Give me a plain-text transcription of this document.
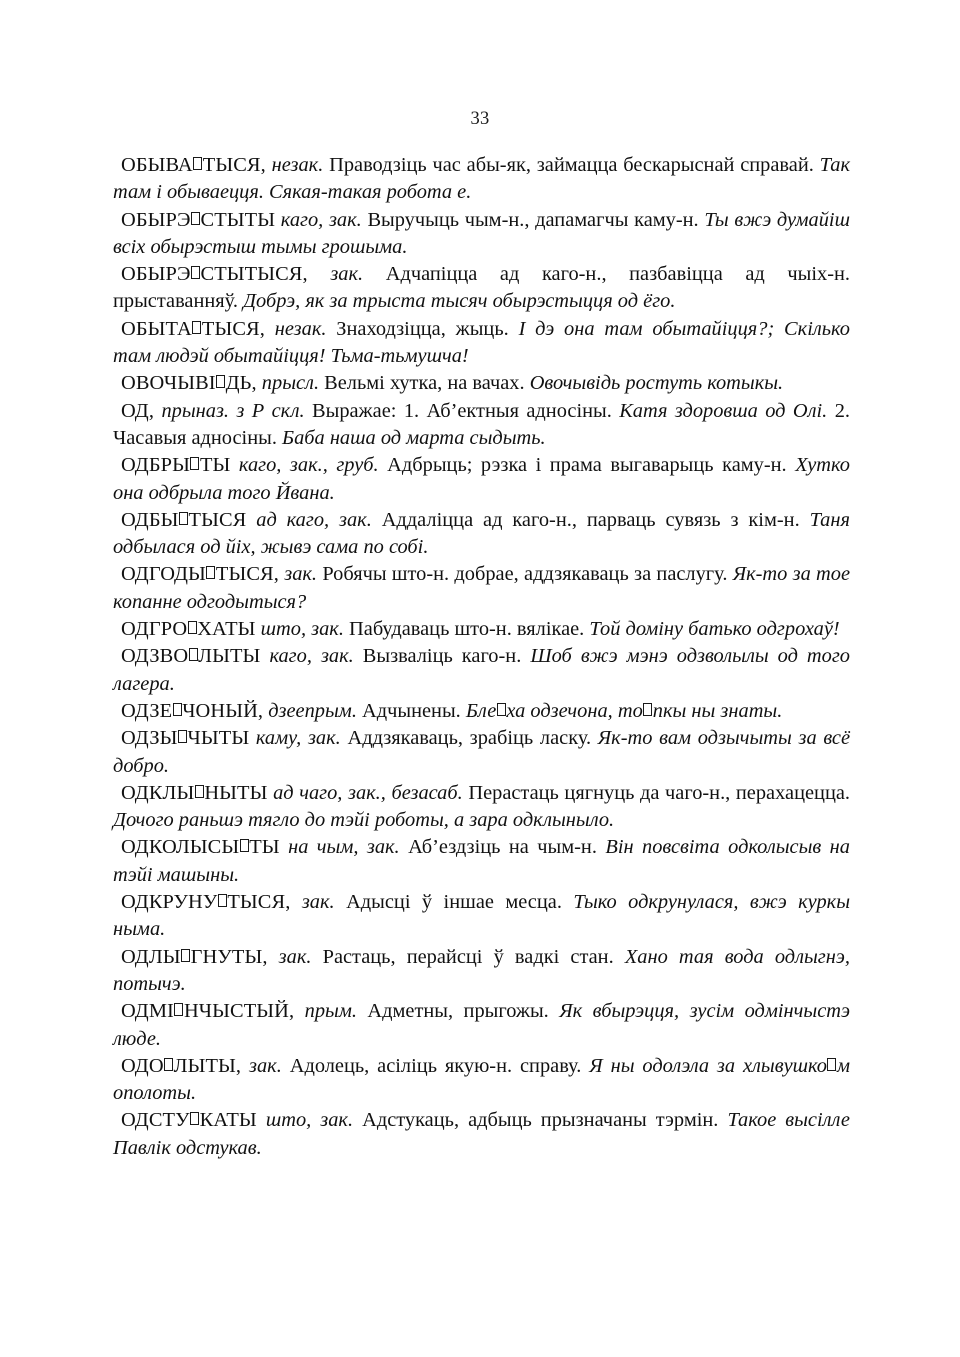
33

ОБЫВА ТЫСЯ, незак. Праводзіць час абы-як, займацца бескарыснай справай. Так там і обываецця. Сякая-такая робота е.

ОБЫРЭ СТЫТЫ каго, зак. Выручыць чым-н., дапамагчы каму-н. Ты вжэ думайіш всіх обырэстыш тымы грошыма.

ОБЫРЭ СТЫТЫСЯ, зак. Адчапіцца ад каго-н., пазбавіцца ад чыіх-н. прыставанняў. Добрэ, як за трыста тысяч обырэстыцця од ёго.

ОБЫТА ТЫСЯ, незак. Знаходзіцца, жыць. І дэ она там обытайіцця?; Скілько там людэй обытайіцця! Тьма-тьмушча!

ОВОЧЫВІ ДЬ, прысл. Вельмі хутка, на вачах. Овочывідь ростуть котыкы.

ОД, прыназ. з Р скл. Выражае: 1. Аб’ектныя адносіны. Катя здоровша од Олі. 2. Часавыя адносіны. Баба наша од марта сыдыть.

ОДБРЫ ТЫ каго, зак., груб. Адбрыць; рэзка і прама выгаварыць каму-н. Хутко она одбрыла того Йвана.

ОДБЫ ТЫСЯ ад каго, зак. Аддаліцца ад каго-н., парваць сувязь з кім-н. Таня одбылася од йіх, жывэ сама по собі.

ОДГОДЫ ТЫСЯ, зак. Робячы што-н. добрае, аддзякаваць за паслугу. Як-то за тое копанне одгодытыся?

ОДГРО ХАТЫ што, зак. Пабудаваць што-н. вялікае. Той доміну батько одгрохаў!

ОДЗВО ЛЫТЫ каго, зак. Вызваліць каго-н. Шоб вжэ мэнэ одзволылы од того лагера.

ОДЗЕ ЧОНЫЙ, дзеепрым. Адчынены. Бле ха одзечона, то пкы ны знаты.

ОДЗЫ ЧЫТЫ каму, зак. Аддзякаваць, зрабіць ласку. Як-то вам одзычыты за всё добро.

ОДКЛЫ НЫТЫ ад чаго, зак., безасаб. Перастаць цягнуць да чаго-н., перахацецца. Дочого раньшэ тягло до тэйі роботы, а зара одклыныло.

ОДКОЛЫСЫ ТЫ на чым, зак. Аб’ездзіць на чым-н. Він повсвіта одколысыв на тэйі машыны.

ОДКРУНУ ТЫСЯ, зак. Адысці ў іншае месца. Тыко одкрунулася, вжэ куркы ныма.

ОДЛЫ ГНУТЫ, зак. Растаць, перайсці ў вадкі стан. Хано тая вода одлыгнэ, потычэ.

ОДМІ НЧЫСТЫЙ, прым. Адметны, прыгожы. Як вбырэцця, зусім одмінчыстэ люде.

ОДО ЛЫТЫ, зак. Адолець, асіліць якую-н. справу. Я ны одолэла за хлывушко м ополоты.

ОДСТУ КАТЫ што, зак. Адстукаць, адбыць прызначаны тэрмін. Такое высілле Павлік одстукав.
